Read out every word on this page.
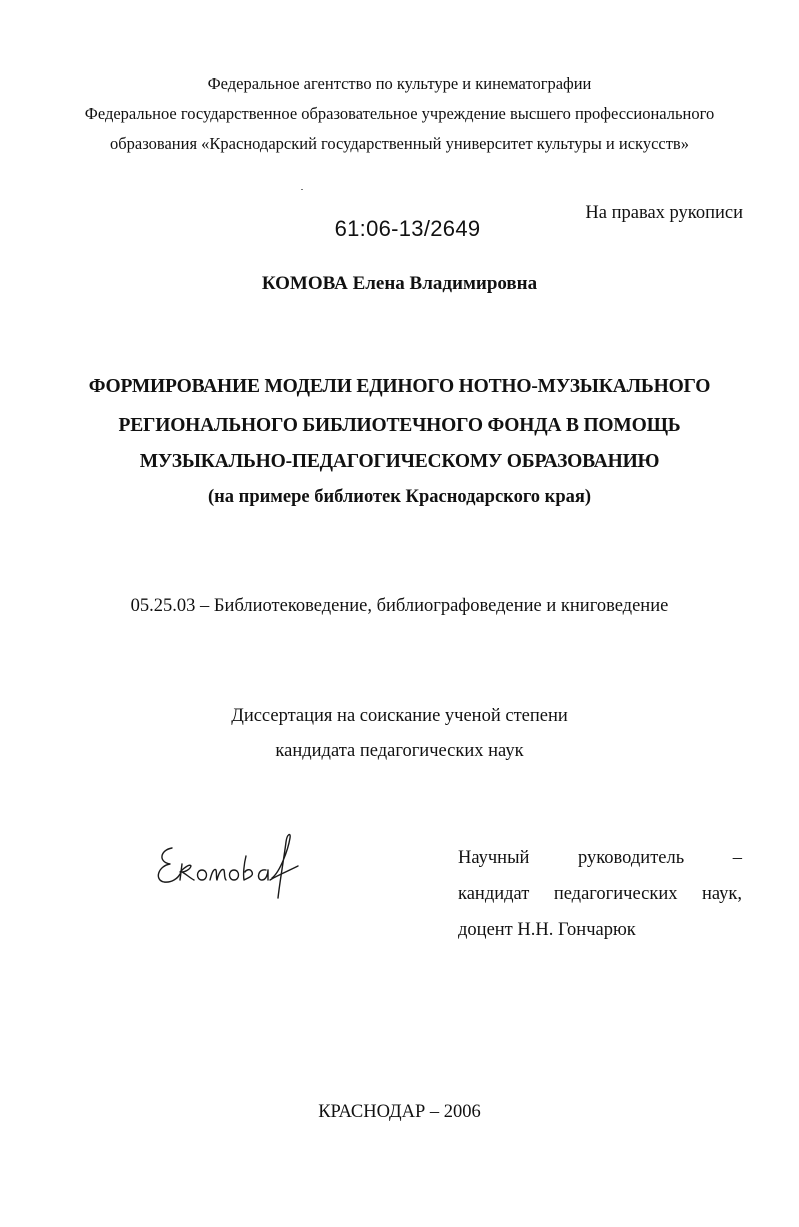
Федеральное агентство по культуре и кинематографии
Федеральное государственное образовательное учреждение высшего профессионального
образования «Краснодарский государственный университет культуры и искусств»
На правах рукописи
61:06-13/2649
КОМОВА Елена Владимировна
ФОРМИРОВАНИЕ МОДЕЛИ ЕДИНОГО НОТНО-МУЗЫКАЛЬНОГО
РЕГИОНАЛЬНОГО БИБЛИОТЕЧНОГО ФОНДА В ПОМОЩЬ
МУЗЫКАЛЬНО-ПЕДАГОГИЧЕСКОМУ ОБРАЗОВАНИЮ
(на примере библиотек Краснодарского края)
05.25.03 – Библиотековедение, библиографоведение и книговедение
Диссертация на соискание ученой степени
кандидата педагогических наук
Научный	руководитель	–
кандидат педагогических наук,
доцент Н.Н. Гончарюк
КРАСНОДАР – 2006
